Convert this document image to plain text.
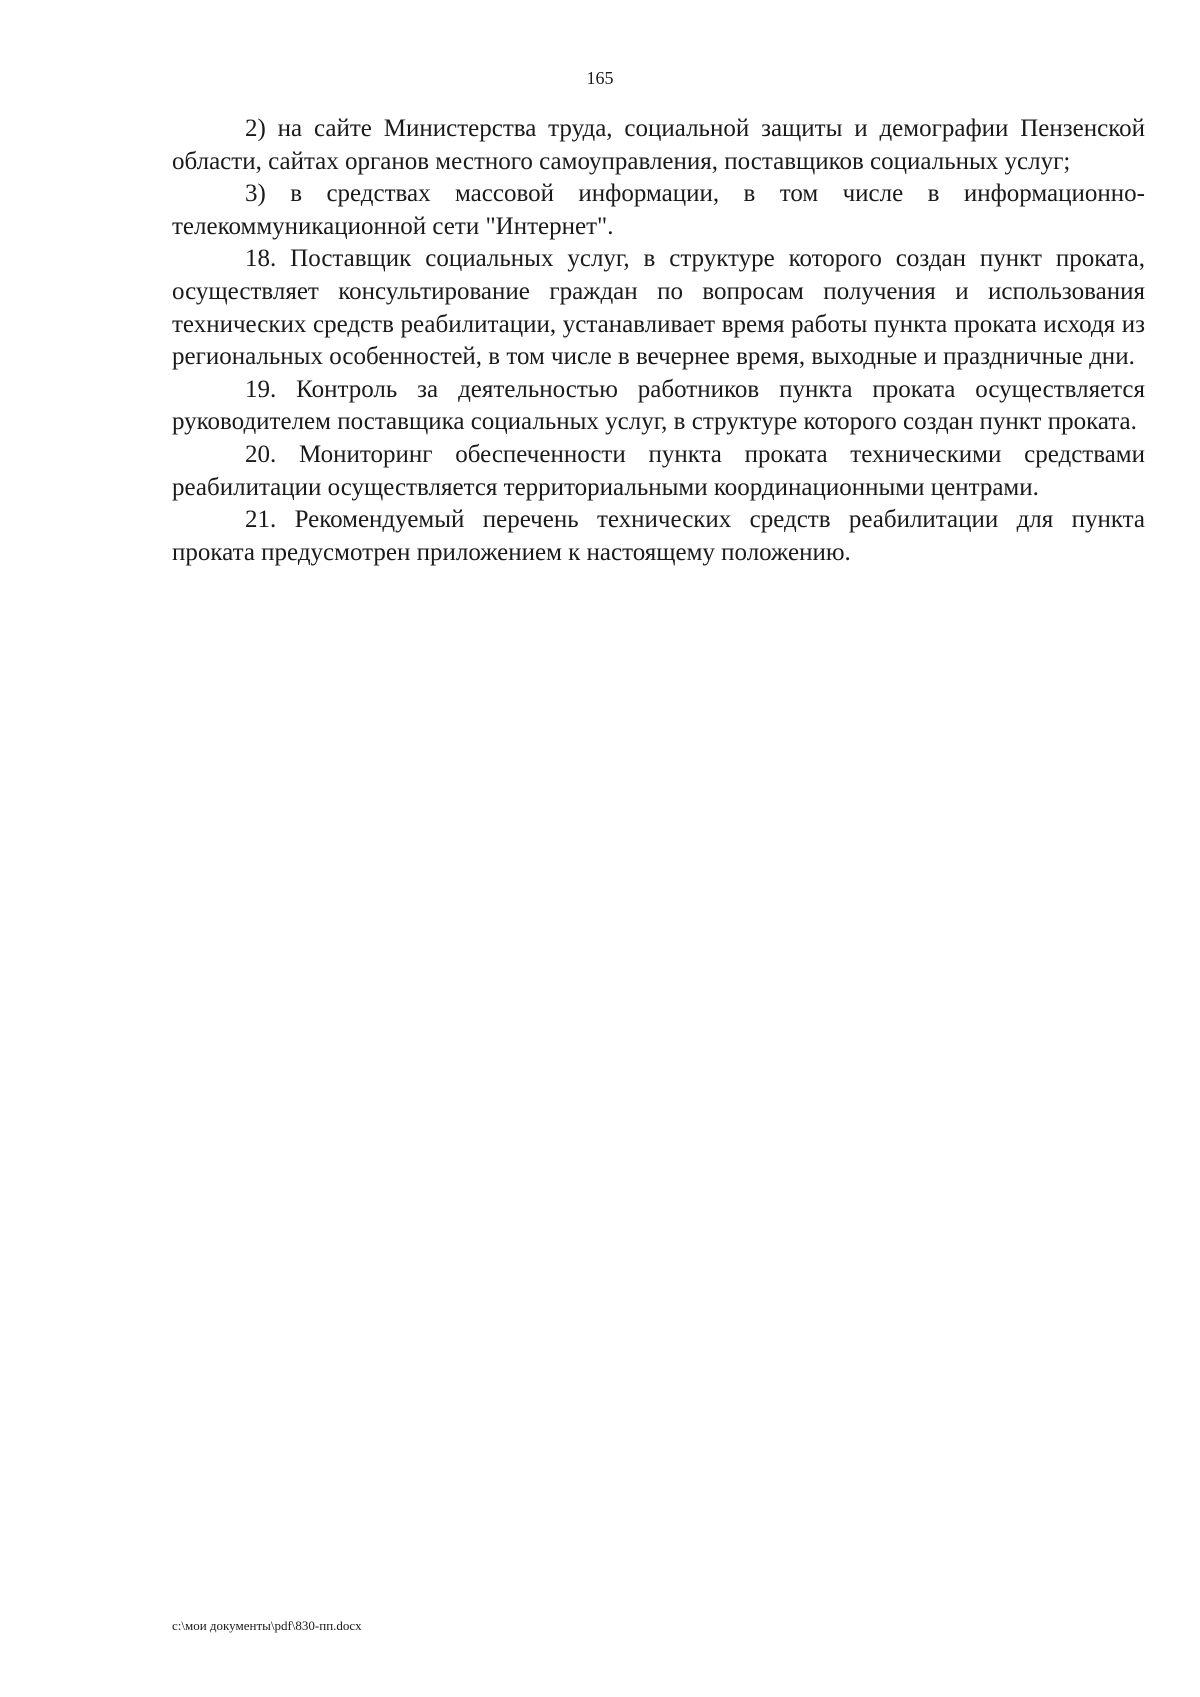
165

2) на сайте Министерства труда, социальной защиты и демографии Пензенской области, сайтах органов местного самоуправления, поставщиков социальных услуг;

3) в средствах массовой информации, в том числе в информационно-телекоммуникационной сети "Интернет".

18. Поставщик социальных услуг, в структуре которого создан пункт проката, осуществляет консультирование граждан по вопросам получения и использования технических средств реабилитации, устанавливает время работы пункта проката исходя из региональных особенностей, в том числе в вечернее время, выходные и праздничные дни.

19. Контроль за деятельностью работников пункта проката осуществляется руководителем поставщика социальных услуг, в структуре которого создан пункт проката.

20. Мониторинг обеспеченности пункта проката техническими средствами реабилитации осуществляется территориальными координационными центрами.

21. Рекомендуемый перечень технических средств реабилитации для пункта проката предусмотрен приложением к настоящему положению.

c:\мои документы\pdf\830-пп.docx
